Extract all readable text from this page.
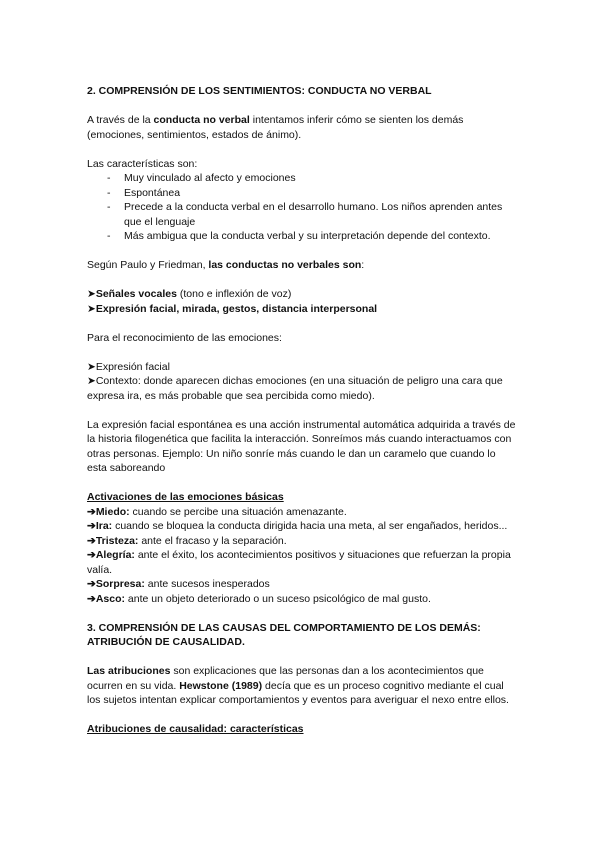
2. COMPRENSIÓN DE LOS SENTIMIENTOS: CONDUCTA NO VERBAL

A través de la conducta no verbal intentamos inferir cómo se sienten los demás (emociones, sentimientos, estados de ánimo).

Las características son:

- Muy vinculado al afecto y emociones
- Espontánea
- Precede a la conducta verbal en el desarrollo humano. Los niños aprenden antes que el lenguaje
- Más ambigua que la conducta verbal y su interpretación depende del contexto.

Según Paulo y Friedman, las conductas no verbales son:

➤Señales vocales (tono e inflexión de voz)

➤Expresión facial, mirada, gestos, distancia interpersonal

Para el reconocimiento de las emociones:

➤Expresión facial

➤Contexto: donde aparecen dichas emociones (en una situación de peligro una cara que expresa ira, es más probable que sea percibida como miedo).

La expresión facial espontánea es una acción instrumental automática adquirida a través de la historia filogenética que facilita la interacción. Sonreímos más cuando interactuamos con otras personas. Ejemplo: Un niño sonríe más cuando le dan un caramelo que cuando lo esta saboreando

Activaciones de las emociones básicas

➔Miedo: cuando se percibe una situación amenazante.

➔Ira: cuando se bloquea la conducta dirigida hacia una meta, al ser engañados, heridos...

➔Tristeza: ante el fracaso y la separación.

➔Alegría: ante el éxito, los acontecimientos positivos y situaciones que refuerzan la propia valía.

➔Sorpresa: ante sucesos inesperados

➔Asco: ante un objeto deteriorado o un suceso psicológico de mal gusto.

3. COMPRENSIÓN DE LAS CAUSAS DEL COMPORTAMIENTO DE LOS DEMÁS: ATRIBUCIÓN DE CAUSALIDAD.

Las atribuciones son explicaciones que las personas dan a los acontecimientos que ocurren en su vida. Hewstone (1989) decía que es un proceso cognitivo mediante el cual los sujetos intentan explicar comportamientos y eventos para averiguar el nexo entre ellos.

Atribuciones de causalidad: características
